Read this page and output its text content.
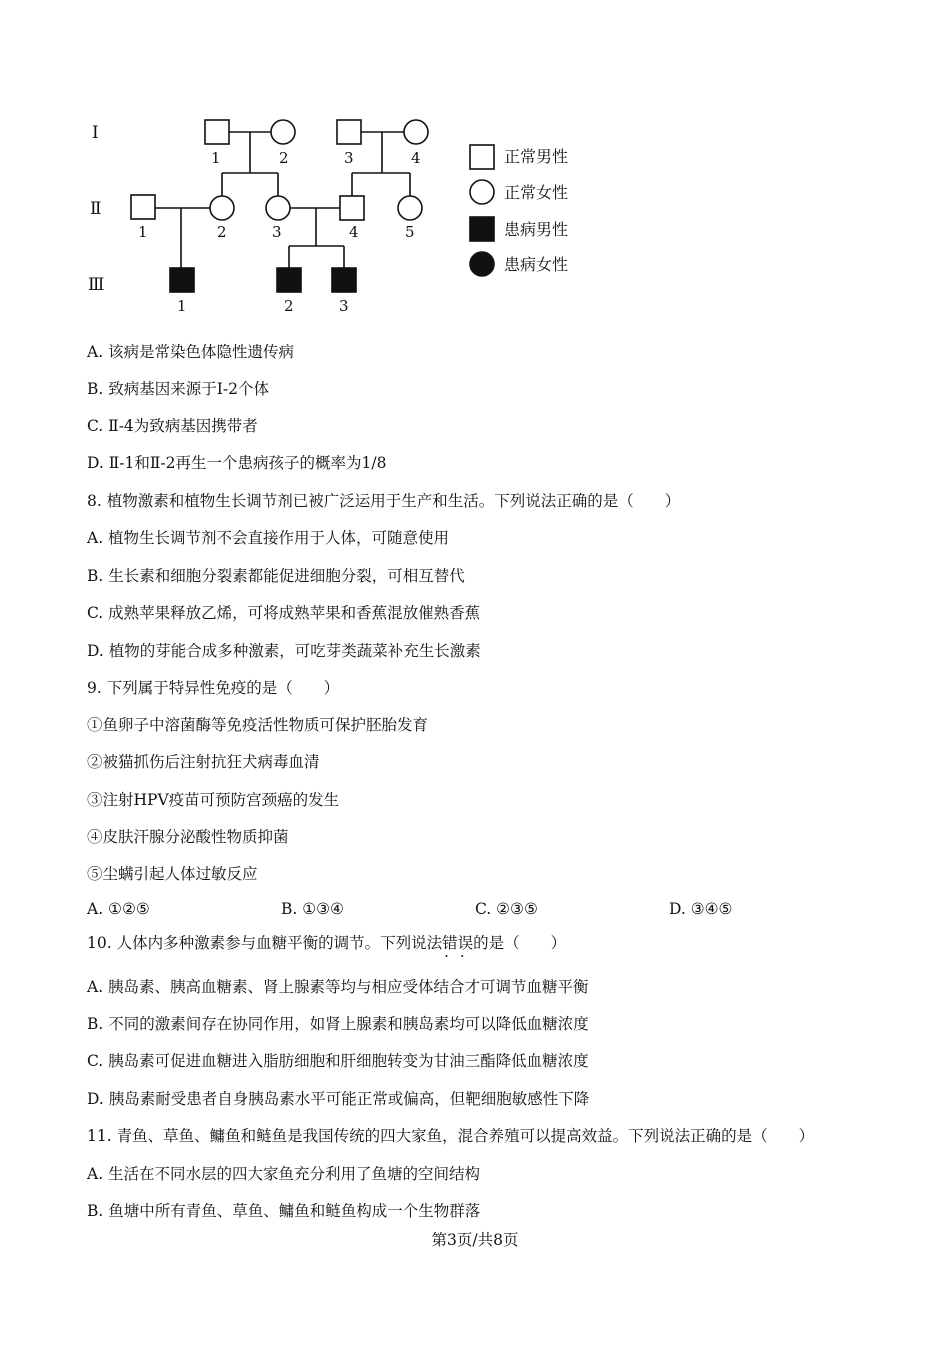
Ⅰ
Ⅱ
Ⅲ
1	2	3	4
1	2	3	4	5
1	2	3
正常男性
正常女性
患病男性
患病女性
A. 该病是常染色体隐性遗传病
B. 致病基因来源于Ⅰ-2个体
C. Ⅱ-4为致病基因携带者
D. Ⅱ-1和Ⅱ-2再生一个患病孩子的概率为1/8
8. 植物激素和植物生长调节剂已被广泛运用于生产和生活。下列说法正确的是（　　）
A. 植物生长调节剂不会直接作用于人体，可随意使用
B. 生长素和细胞分裂素都能促进细胞分裂，可相互替代
C. 成熟苹果释放乙烯，可将成熟苹果和香蕉混放催熟香蕉
D. 植物的芽能合成多种激素，可吃芽类蔬菜补充生长激素
9. 下列属于特异性免疫的是（　　）
①鱼卵子中溶菌酶等免疫活性物质可保护胚胎发育
②被猫抓伤后注射抗狂犬病毒血清
③注射HPV疫苗可预防宫颈癌的发生
④皮肤汗腺分泌酸性物质抑菌
⑤尘螨引起人体过敏反应
A. ①②⑤	B. ①③④	C. ②③⑤	D. ③④⑤
10. 人体内多种激素参与血糖平衡的调节。下列说法错误 · ·的是（　　）
A. 胰岛素、胰高血糖素、肾上腺素等均与相应受体结合才可调节血糖平衡
B. 不同的激素间存在协同作用，如肾上腺素和胰岛素均可以降低血糖浓度
C. 胰岛素可促进血糖进入脂肪细胞和肝细胞转变为甘油三酯降低血糖浓度
D. 胰岛素耐受患者自身胰岛素水平可能正常或偏高，但靶细胞敏感性下降
11. 青鱼、草鱼、鳙鱼和鲢鱼是我国传统的四大家鱼，混合养殖可以提高效益。下列说法正确的是（　　）
A. 生活在不同水层的四大家鱼充分利用了鱼塘的空间结构
B. 鱼塘中所有青鱼、草鱼、鳙鱼和鲢鱼构成一个生物群落
第3页/共8页
